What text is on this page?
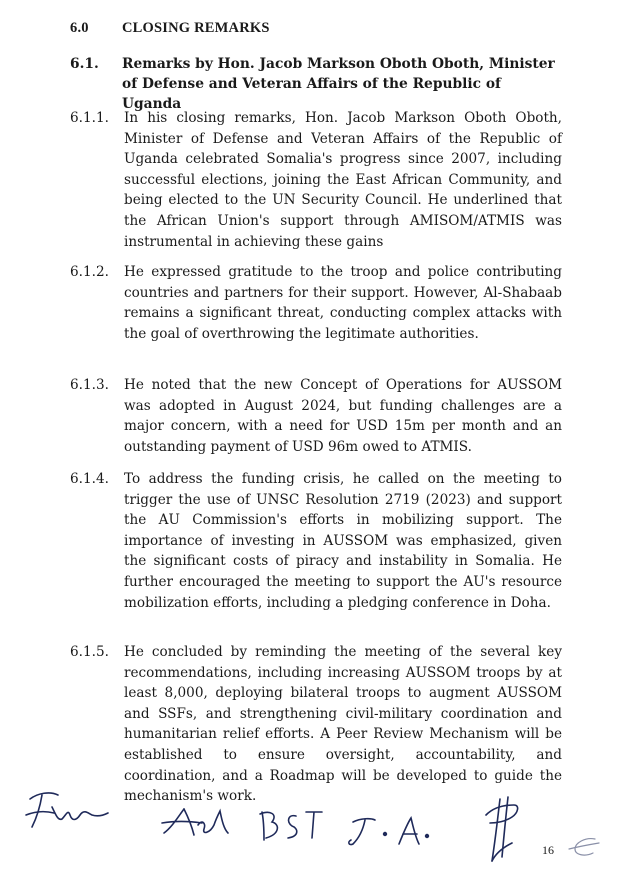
6.0 CLOSING REMARKS
6.1. Remarks by Hon. Jacob Markson Oboth Oboth, Minister of Defense and Veteran Affairs of the Republic of Uganda
6.1.1. In his closing remarks, Hon. Jacob Markson Oboth Oboth, Minister of Defense and Veteran Affairs of the Republic of Uganda celebrated Somalia's progress since 2007, including successful elections, joining the East African Community, and being elected to the UN Security Council. He underlined that the African Union's support through AMISOM/ATMIS was instrumental in achieving these gains
6.1.2. He expressed gratitude to the troop and police contributing countries and partners for their support. However, Al-Shabaab remains a significant threat, conducting complex attacks with the goal of overthrowing the legitimate authorities.
6.1.3. He noted that the new Concept of Operations for AUSSOM was adopted in August 2024, but funding challenges are a major concern, with a need for USD 15m per month and an outstanding payment of USD 96m owed to ATMIS.
6.1.4. To address the funding crisis, he called on the meeting to trigger the use of UNSC Resolution 2719 (2023) and support the AU Commission's efforts in mobilizing support. The importance of investing in AUSSOM was emphasized, given the significant costs of piracy and instability in Somalia. He further encouraged the meeting to support the AU's resource mobilization efforts, including a pledging conference in Doha.
6.1.5. He concluded by reminding the meeting of the several key recommendations, including increasing AUSSOM troops by at least 8,000, deploying bilateral troops to augment AUSSOM and SSFs, and strengthening civil-military coordination and humanitarian relief efforts. A Peer Review Mechanism will be established to ensure oversight, accountability, and coordination, and a Roadmap will be developed to guide the mechanism's work.
16
